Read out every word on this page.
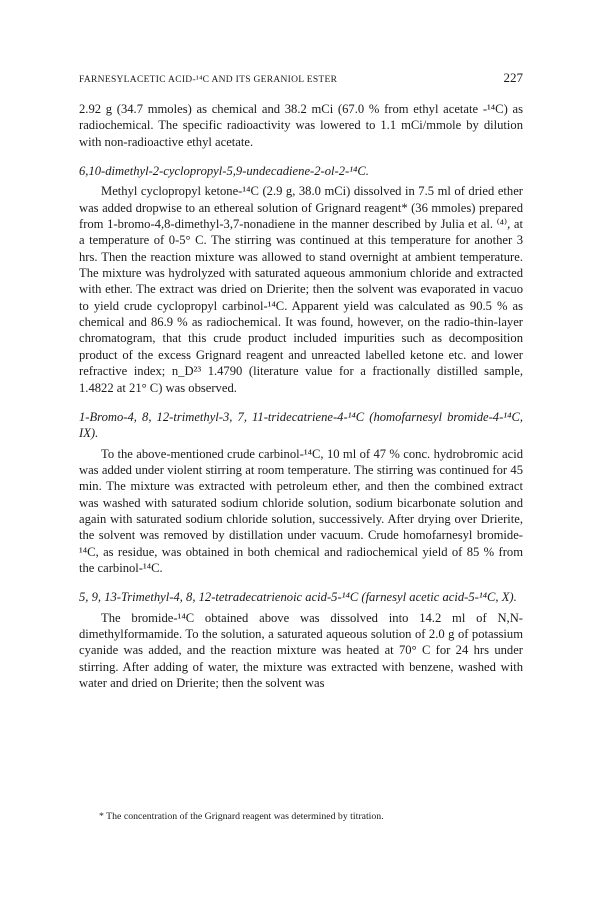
FARNESYLACETIC ACID-¹⁴C AND ITS GERANIOL ESTER	227

2.92 g (34.7 mmoles) as chemical and 38.2 mCi (67.0 % from ethyl acetate -¹⁴C) as radiochemical. The specific radioactivity was lowered to 1.1 mCi/mmole by dilution with non-radioactive ethyl acetate.

6,10-dimethyl-2-cyclopropyl-5,9-undecadiene-2-ol-2-¹⁴C.

Methyl cyclopropyl ketone-¹⁴C (2.9 g, 38.0 mCi) dissolved in 7.5 ml of dried ether was added dropwise to an ethereal solution of Grignard reagent* (36 mmoles) prepared from 1-bromo-4,8-dimethyl-3,7-nonadiene in the manner described by Julia et al. ⁽⁴⁾, at a temperature of 0-5° C. The stirring was continued at this temperature for another 3 hrs. Then the reaction mixture was allowed to stand overnight at ambient temperature. The mixture was hydrolyzed with saturated aqueous ammonium chloride and extracted with ether. The extract was dried on Drierite; then the solvent was evaporated in vacuo to yield crude cyclopropyl carbinol-¹⁴C. Apparent yield was calculated as 90.5 % as chemical and 86.9 % as radiochemical. It was found, however, on the radio-thin-layer chromatogram, that this crude product included impurities such as decomposition product of the excess Grignard reagent and unreacted labelled ketone etc. and lower refractive index; n_D²³ 1.4790 (literature value for a fractionally distilled sample, 1.4822 at 21° C) was observed.

1-Bromo-4, 8, 12-trimethyl-3, 7, 11-tridecatriene-4-¹⁴C (homofarnesyl bromide-4-¹⁴C, IX).

To the above-mentioned crude carbinol-¹⁴C, 10 ml of 47 % conc. hydrobromic acid was added under violent stirring at room temperature. The stirring was continued for 45 min. The mixture was extracted with petroleum ether, and then the combined extract was washed with saturated sodium chloride solution, sodium bicarbonate solution and again with saturated sodium chloride solution, successively. After drying over Drierite, the solvent was removed by distillation under vacuum. Crude homofarnesyl bromide-¹⁴C, as residue, was obtained in both chemical and radiochemical yield of 85 % from the carbinol-¹⁴C.

5, 9, 13-Trimethyl-4, 8, 12-tetradecatrienoic acid-5-¹⁴C (farnesyl acetic acid-5-¹⁴C, X).

The bromide-¹⁴C obtained above was dissolved into 14.2 ml of N,N-dimethylformamide. To the solution, a saturated aqueous solution of 2.0 g of potassium cyanide was added, and the reaction mixture was heated at 70° C for 24 hrs under stirring. After adding of water, the mixture was extracted with benzene, washed with water and dried on Drierite; then the solvent was

* The concentration of the Grignard reagent was determined by titration.
